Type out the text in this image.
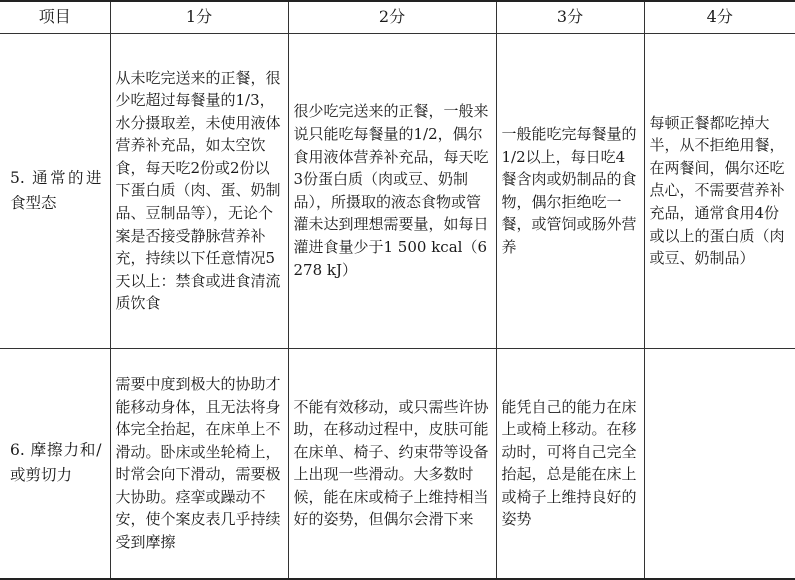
项目	1分	2分	3分	4分
5. 通常的进食型态	从未吃完送来的正餐，很少吃超过每餐量的1/3，水分摄取差，未使用液体营养补充品，如太空饮食，每天吃2份或2份以下蛋白质（肉、蛋、奶制品、豆制品等），无论个案是否接受静脉营养补充，持续以下任意情况5天以上：禁食或进食清流质饮食	很少吃完送来的正餐，一般来说只能吃每餐量的1/2，偶尔食用液体营养补充品，每天吃3份蛋白质（肉或豆、奶制品），所摄取的液态食物或管灌未达到理想需要量，如每日灌进食量少于1 500 kcal（6 278 kJ）	一般能吃完每餐量的1/2以上，每日吃4餐含肉或奶制品的食物，偶尔拒绝吃一餐，或管饲或肠外营养	每顿正餐都吃掉大半，从不拒绝用餐，在两餐间，偶尔还吃点心，不需要营养补充品，通常食用4份或以上的蛋白质（肉或豆、奶制品）
6. 摩擦力和/或剪切力	需要中度到极大的协助才能移动身体，且无法将身体完全抬起，在床单上不滑动。卧床或坐轮椅上，时常会向下滑动，需要极大协助。痉挛或躁动不安，使个案皮表几乎持续受到摩擦	不能有效移动，或只需些许协助，在移动过程中，皮肤可能在床单、椅子、约束带等设备上出现一些滑动。大多数时候，能在床或椅子上维持相当好的姿势，但偶尔会滑下来	能凭自己的能力在床上或椅上移动。在移动时，可将自己完全抬起，总是能在床上或椅子上维持良好的姿势	
